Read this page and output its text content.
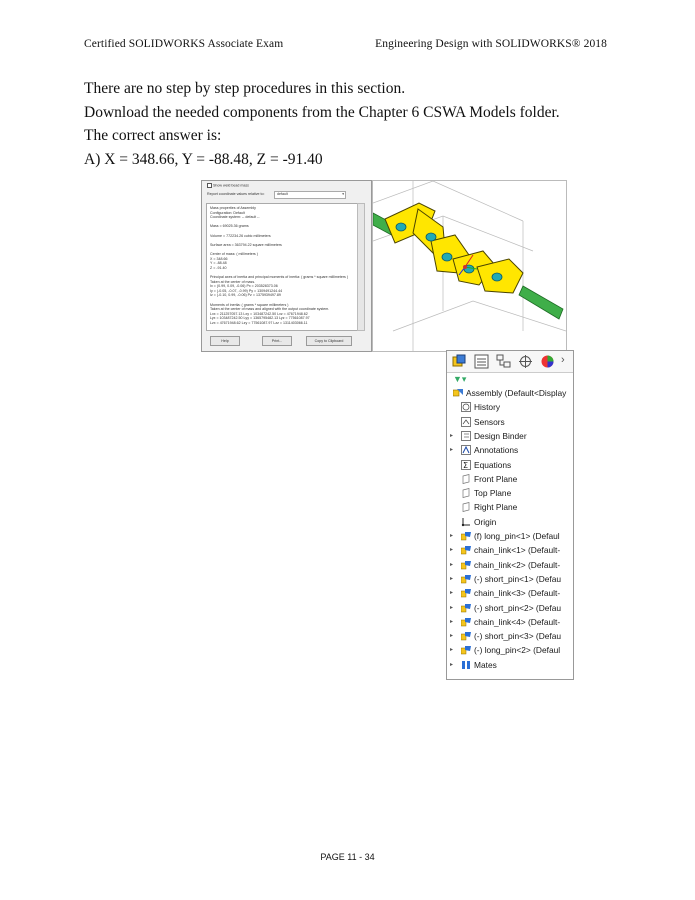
Certified SOLIDWORKS Associate Exam	Engineering Design with SOLIDWORKS® 2018
There are no step by step procedures in this section.
Download the needed components from the Chapter 6 CSWA Models folder.
The correct answer is:
A) X = 348.66, Y = -88.48, Z = -91.40
Show weld bead mass
Report coordinate values relative to:	default	▾
Mass properties of Assembly
Configuration: Default
Coordinate system: -- default --
Mass = 69025.36 grams
Volume = 772234.26 cubic millimeters
Surface area = 363794.22 square millimeters
Center of mass: ( millimeters )
X = 348.66
Y = -88.48
Z = -91.40
Principal axes of inertia and principal moments of inertia: ( grams * square millimeters )
Taken at the center of mass.
Ix = (0.99, 0.09, -0.06) Px = 203528373.06
Iy = (-0.05, -0.07, -0.99) Py = 1309491244.44
Iz = (-0.10, 0.99, -0.06) Pz = 1375939497.89
Moments of inertia: ( grams * square millimeters )
Taken at the center of mass and aligned with the output coordinate system.
Lxx = 211257057.13 Lxy = 103487242.50 Lxz = 47671948.62
Lyx = 103487242.50 Lyy = 1365795482.13 Lyz = 77561087.97
Lzx = 47671948.62 Lzy = 77561087.97 Lzz = 1311403066.11
Help	Print...	Copy to Clipboard
›
▼▾
Assembly (Default<Display
History
Sensors
▸ Design Binder
▸ Annotations
Σ Equations
Front Plane
Top Plane
Right Plane
Origin
▸ (f) long_pin<1> (Defaul
▸ chain_link<1> (Default-
▸ chain_link<2> (Default-
▸ (-) short_pin<1> (Defau
▸ chain_link<3> (Default-
▸ (-) short_pin<2> (Defau
▸ chain_link<4> (Default-
▸ (-) short_pin<3> (Defau
▸ (-) long_pin<2> (Defaul
▸ Mates
PAGE 11 - 34
